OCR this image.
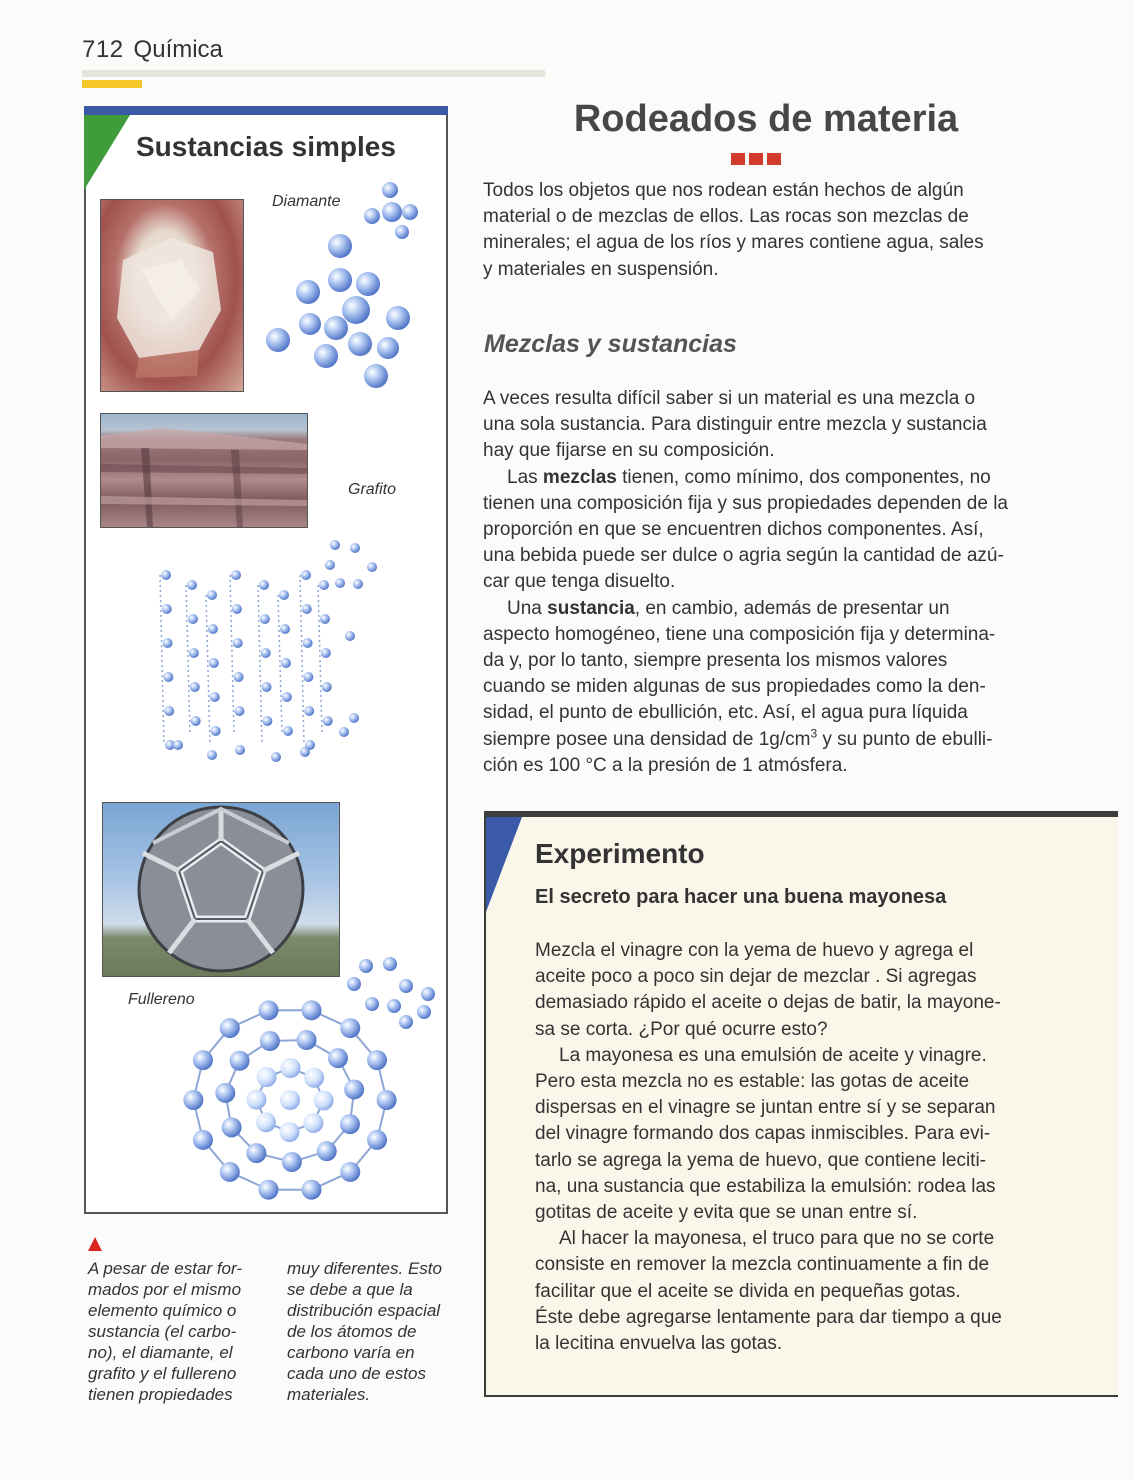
712 Química
Sustancias simples
Diamante
Grafito
Fullereno
A pesar de estar for-
mados por el mismo
elemento químico o
sustancia (el carbo-
no), el diamante, el
grafito y el fullereno
tienen propiedades
muy diferentes. Esto
se debe a que la
distribución espacial
de los átomos de
carbono varía en
cada uno de estos
materiales.
Rodeados de materia

Todos los objetos que nos rodean están hechos de algún
material o de mezclas de ellos. Las rocas son mezclas de
minerales; el agua de los ríos y mares contiene agua, sales
y materiales en suspensión.

Mezclas y sustancias

A veces resulta difícil saber si un material es una mezcla o
una sola sustancia. Para distinguir entre mezcla y sustancia
hay que fijarse en su composición.

Las mezclas tienen, como mínimo, dos componentes, no
tienen una composición fija y sus propiedades dependen de la
proporción en que se encuentren dichos componentes. Así,
una bebida puede ser dulce o agria según la cantidad de azú-
car que tenga disuelto.

Una sustancia, en cambio, además de presentar un
aspecto homogéneo, tiene una composición fija y determina-
da y, por lo tanto, siempre presenta los mismos valores
cuando se miden algunas de sus propiedades como la den-
sidad, el punto de ebullición, etc. Así, el agua pura líquida
siempre posee una densidad de $1g/cm^3$ y su punto de ebulli-
ción es 100 °C a la presión de 1 atmósfera.

Experimento
El secreto para hacer una buena mayonesa

Mezcla el vinagre con la yema de huevo y agrega el
aceite poco a poco sin dejar de mezclar . Si agregas
demasiado rápido el aceite o dejas de batir, la mayone-
sa se corta. ¿Por qué ocurre esto?

La mayonesa es una emulsión de aceite y vinagre.
Pero esta mezcla no es estable: las gotas de aceite
dispersas en el vinagre se juntan entre sí y se separan
del vinagre formando dos capas inmiscibles. Para evi-
tarlo se agrega la yema de huevo, que contiene leciti-
na, una sustancia que estabiliza la emulsión: rodea las
gotitas de aceite y evita que se unan entre sí.

Al hacer la mayonesa, el truco para que no se corte
consiste en remover la mezcla continuamente a fin de
facilitar que el aceite se divida en pequeñas gotas.
Éste debe agregarse lentamente para dar tiempo a que
la lecitina envuelva las gotas.
